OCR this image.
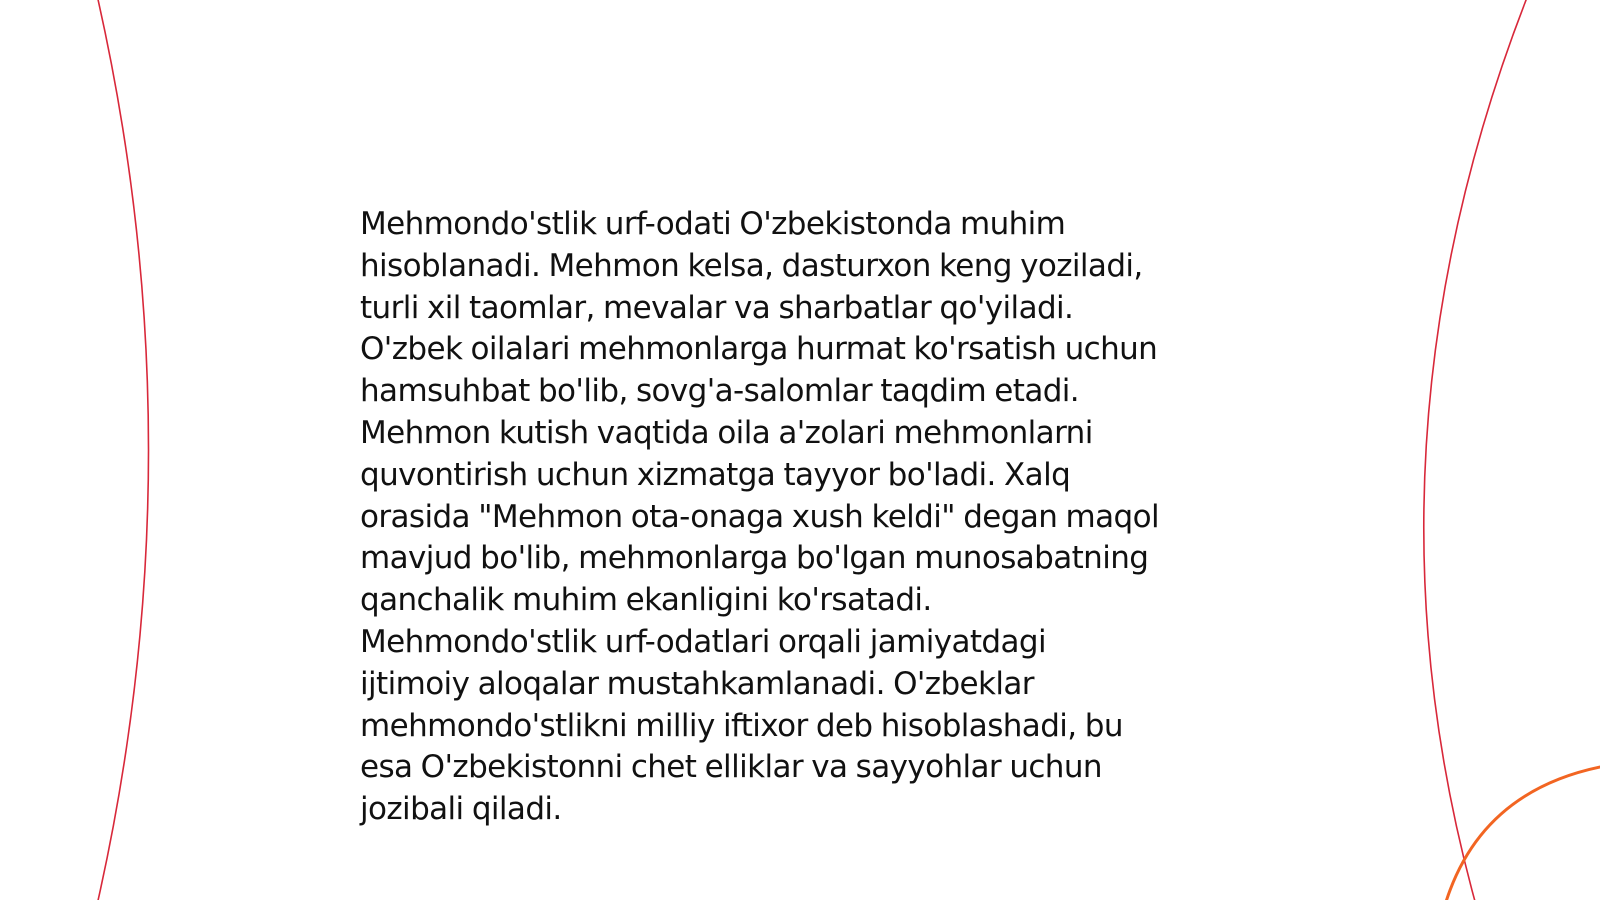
Mehmondo'stlik urf-odati O'zbekistonda muhim
hisoblanadi. Mehmon kelsa, dasturxon keng yoziladi,
turli xil taomlar, mevalar va sharbatlar qo'yiladi.
O'zbek oilalari mehmonlarga hurmat ko'rsatish uchun
hamsuhbat bo'lib, sovg'a-salomlar taqdim etadi.
Mehmon kutish vaqtida oila a'zolari mehmonlarni
quvontirish uchun xizmatga tayyor bo'ladi. Xalq
orasida "Mehmon ota-onaga xush keldi" degan maqol
mavjud bo'lib, mehmonlarga bo'lgan munosabatning
qanchalik muhim ekanligini ko'rsatadi.
Mehmondo'stlik urf-odatlari orqali jamiyatdagi
ijtimoiy aloqalar mustahkamlanadi. O'zbeklar
mehmondo'stlikni milliy iftixor deb hisoblashadi, bu
esa O'zbekistonni chet elliklar va sayyohlar uchun
jozibali qiladi.
